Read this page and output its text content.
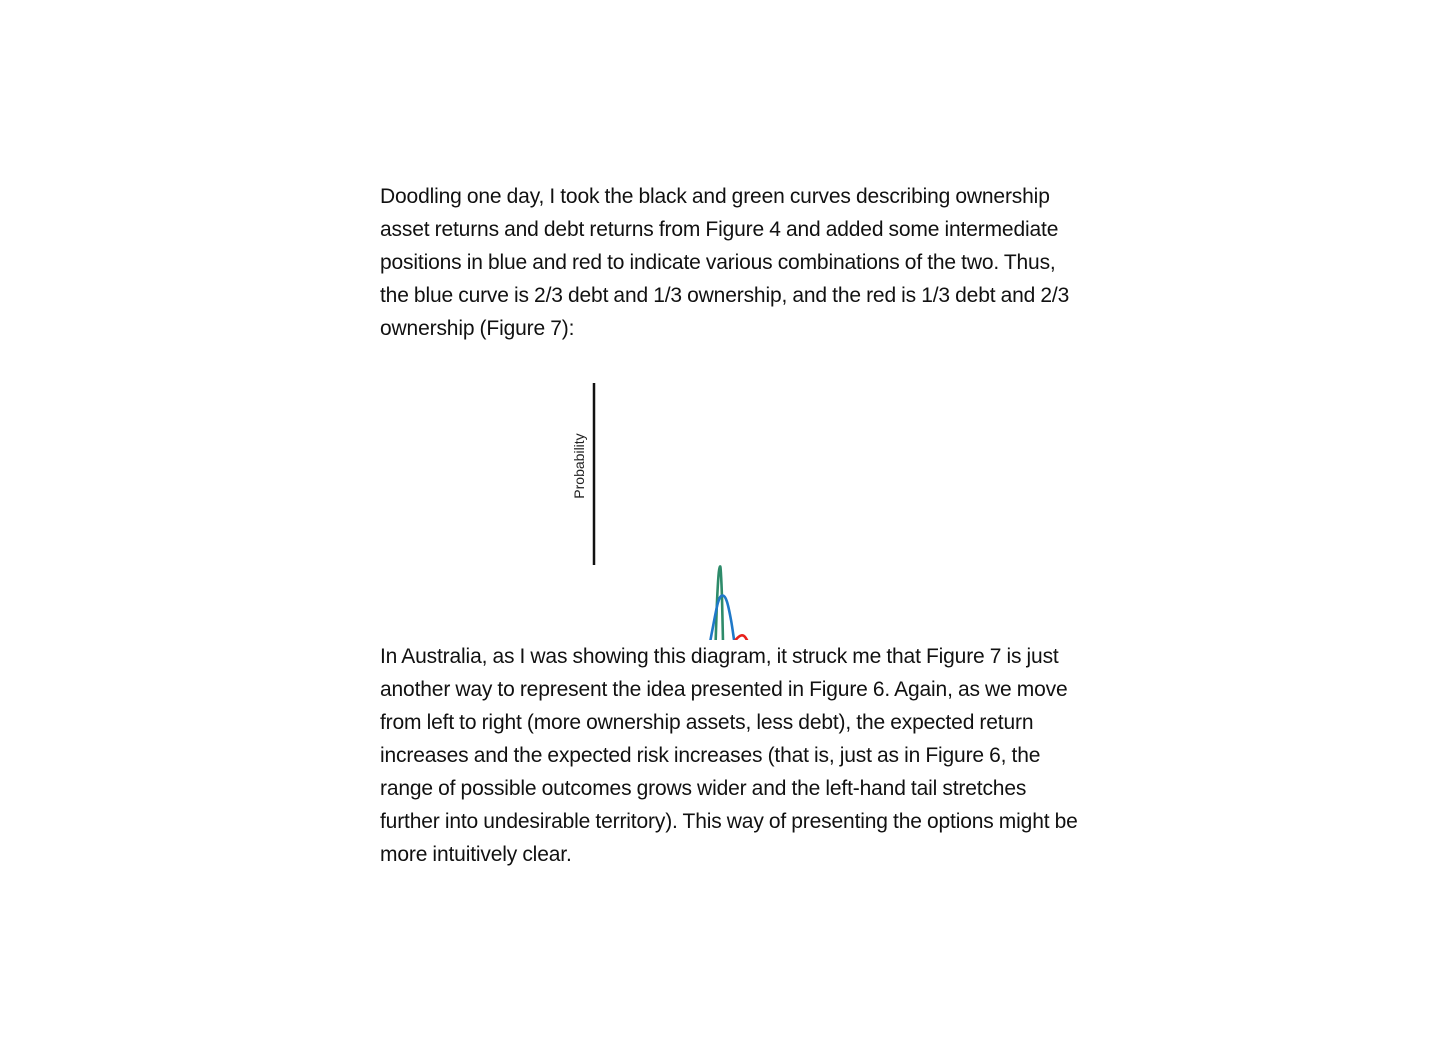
Doodling one day, I took the black and green curves describing ownership asset returns and debt returns from Figure 4 and added some intermediate positions in blue and red to indicate various combinations of the two. Thus, the blue curve is 2/3 debt and 1/3 ownership, and the red is 1/3 debt and 2/3 ownership (Figure 7):

Probability

In Australia, as I was showing this diagram, it struck me that Figure 7 is just another way to represent the idea presented in Figure 6. Again, as we move from left to right (more ownership assets, less debt), the expected return increases and the expected risk increases (that is, just as in Figure 6, the range of possible outcomes grows wider and the left-hand tail stretches further into undesirable territory). This way of presenting the options might be more intuitively clear.
